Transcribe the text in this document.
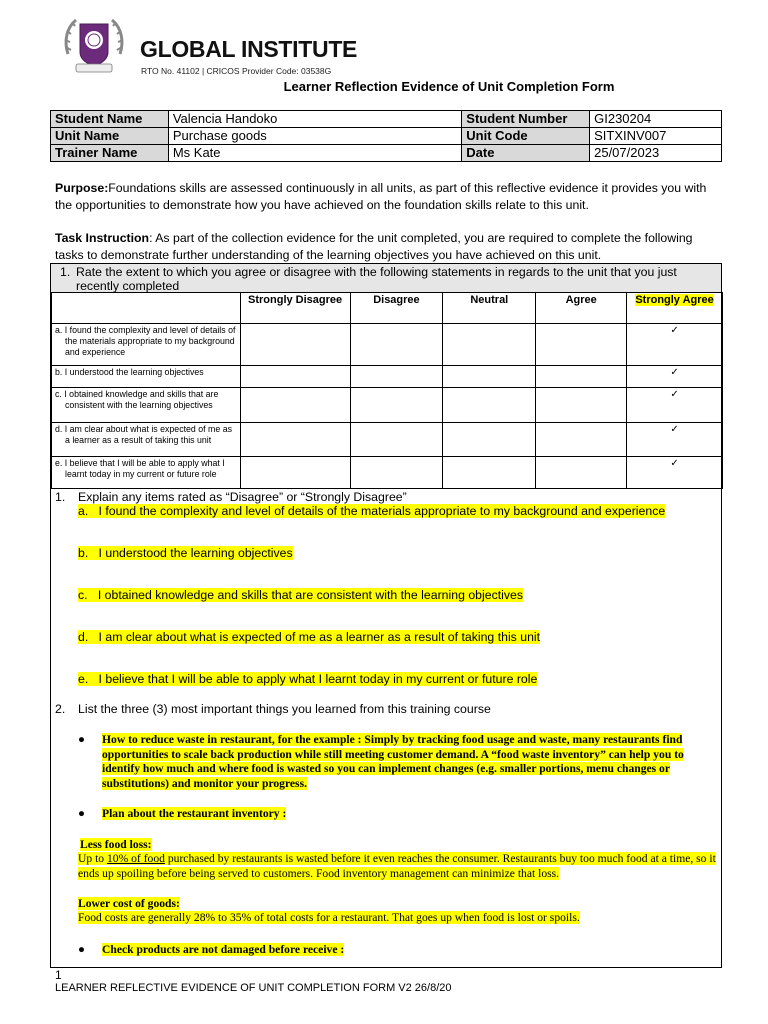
GLOBAL INSTITUTE
RTO No. 41102 | CRICOS Provider Code: 03538G
Learner Reflection Evidence of Unit Completion Form
Student Name	Valencia Handoko	Student Number	GI230204
Unit Name	Purchase goods	Unit Code	SITXINV007
Trainer Name	Ms Kate	Date	25/07/2023
Purpose:Foundations skills are assessed continuously in all units, as part of this reflective evidence it provides you with the opportunities to demonstrate how you have achieved on the foundation skills relate to this unit.
Task Instruction: As part of the collection evidence for the unit completed, you are required to complete the following tasks to demonstrate further understanding of the learning objectives you have achieved on this unit.
1. Rate the extent to which you agree or disagree with the following statements in regards to the unit that you just recently completed
	Strongly Disagree	Disagree	Neutral	Agree	Strongly Agree

a. I found the complexity and level of details of the materials appropriate to my background and experience					✓

b. I understood the learning objectives					✓

c. I obtained knowledge and skills that are consistent with the learning objectives					✓

d. I am clear about what is expected of me as a learner as a result of taking this unit					✓

e. I believe that I will be able to apply what I learnt today in my current or future role					✓
1. Explain any items rated as “Disagree” or “Strongly Disagree”
a. I found the complexity and level of details of the materials appropriate to my background and experience
b. I understood the learning objectives
c. I obtained knowledge and skills that are consistent with the learning objectives
d. I am clear about what is expected of me as a learner as a result of taking this unit
e. I believe that I will be able to apply what I learnt today in my current or future role
2. List the three (3) most important things you learned from this training course
●	How to reduce waste in restaurant, for the example : Simply by tracking food usage and waste, many restaurants find opportunities to scale back production while still meeting customer demand. A “food waste inventory” can help you to identify how much and where food is wasted so you can implement changes (e.g. smaller portions, menu changes or substitutions) and monitor your progress.
● Plan about the restaurant inventory :
Less food loss:
Up to 10% of food purchased by restaurants is wasted before it even reaches the consumer. Restaurants buy too much food at a time, so it ends up spoiling before being served to customers. Food inventory management can minimize that loss.
Lower cost of goods:
Food costs are generally 28% to 35% of total costs for a restaurant. That goes up when food is lost or spoils.
● Check products are not damaged before receive :
1
LEARNER REFLECTIVE EVIDENCE OF UNIT COMPLETION FORM V2 26/8/20
